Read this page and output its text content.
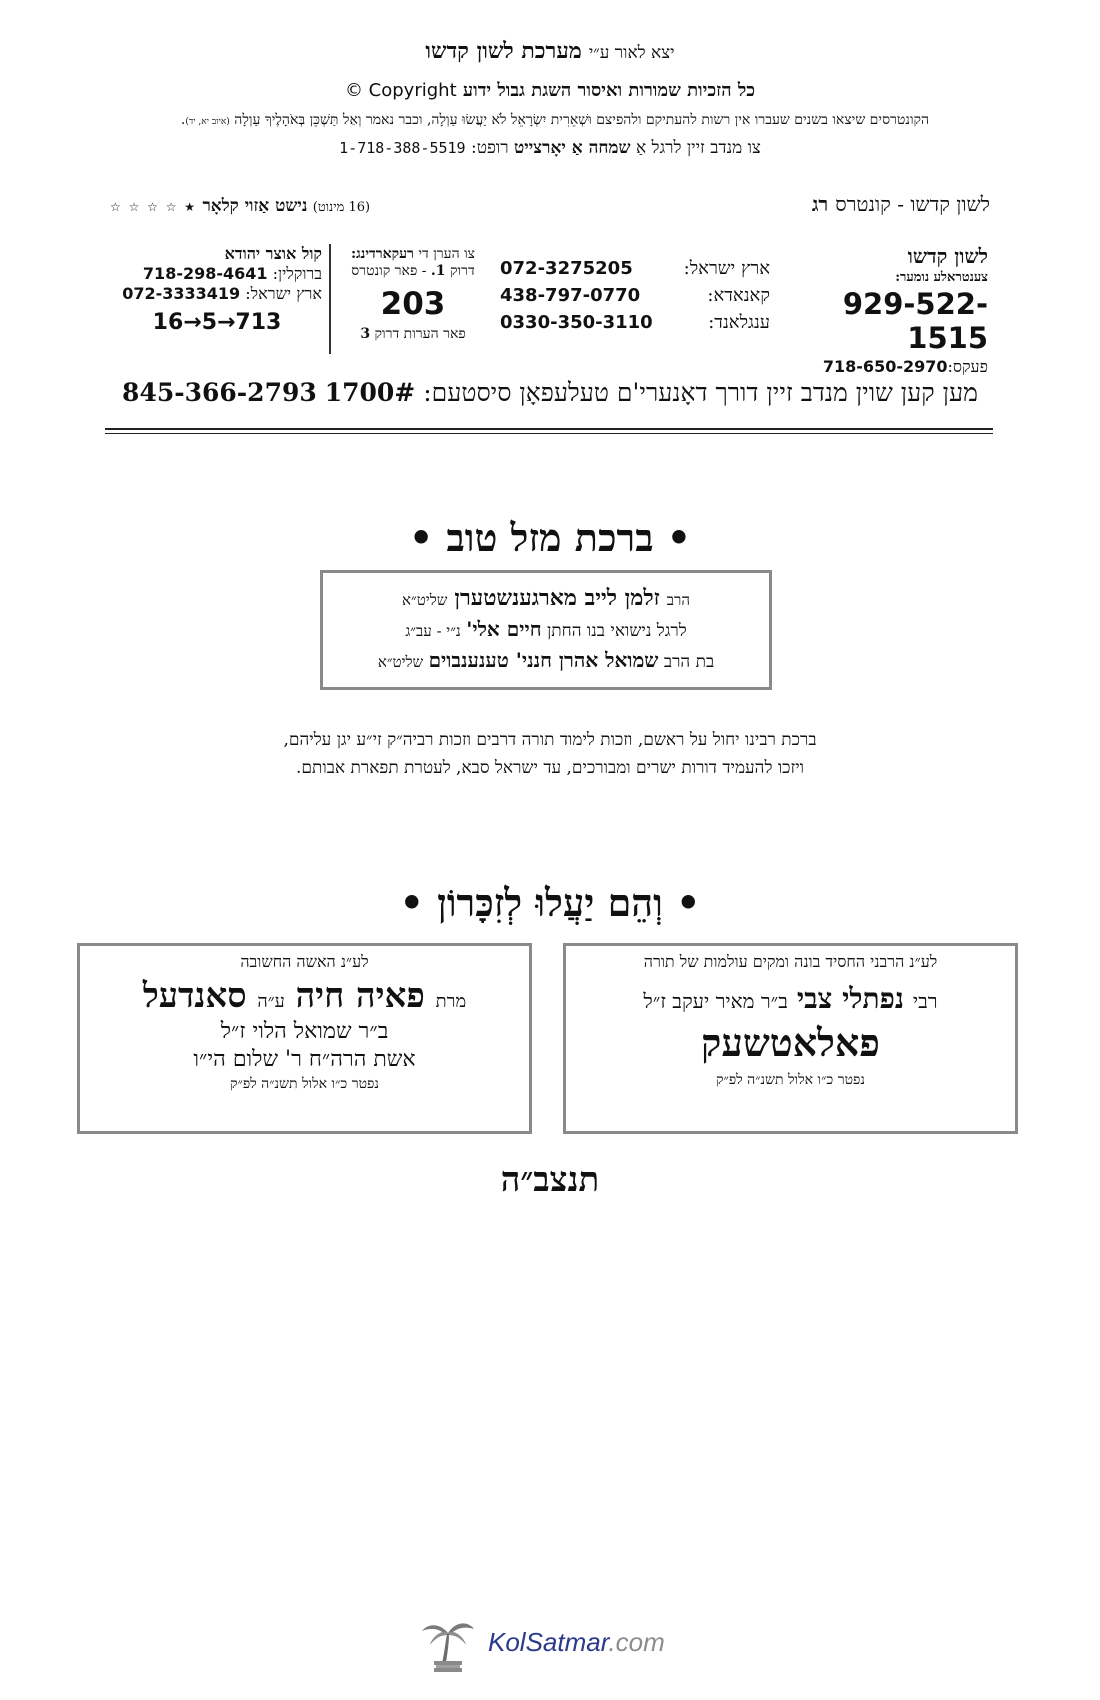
יצא לאור ע״י מערכת לשון קדשו
כל הזכיות שמורות ואיסור השגת גבול ידוע Copyright ©
הקונטרסים שיצאו בשנים שעברו אין רשות להעתיקם ולהפיצם וּשְׁאֵרִית יִשְׂרָאֵל לֹא יַעֲשׂוּ עַוְלָה, וכבר נאמר וְאַל תַּשְׁכֵּן בְּאֹהָלֶיךָ עַוְלָה (איוב יא, יד).
צו מנדב זיין לרגל אַ שמחה אַ יאָרצייט רופט: 1-718-388-5519
לשון קדשו - קונטרס רג
(16 מינוט) נישט אַזוי קלאָר ★ ☆ ☆ ☆ ☆
לשון קדשו
צענטראלע נומער:
929-522-1515
פעקס:718-650-2970
ארץ ישראל:
072-3275205
קאנאדא:
438-797-0770
ענגלאנד:
0330-350-3110
צו הערן די רעקארדינג:
דרוק 1. - פאר קונטרס
203
פאר הערות דרוק 3
קול אוצר יהודא
ברוקלין: 718-298-4641
ארץ ישראל: 072-3333419
16→5→713
מען קען שוין מנדב זיין דורך דאָנערי'ם טעלעפאָן סיסטעם: 1700# 845-366-2793
• ברכת מזל טוב •
הרב זלמן לייב מארגענשטערן שליט״א
לרגל נישואי בנו החתן חיים אלי' נ״י - עב״ג
בת הרב שמואל אהרן חנני' טענענבוים שליט״א
ברכת רבינו יחול על ראשם, וזכות לימוד תורה דרבים וזכות רביה״ק זי״ע יגן עליהם,
ויזכו להעמיד דורות ישרים ומבורכים, עד ישראל סבא, לעטרת תפארת אבותם.
• וְהֵם יַעֲלוּ לְזִכָּרוֹן •
לע״נ הרבני החסיד בונה ומקים עולמות של תורה
רבי נפתלי צבי ב״ר מאיר יעקב ז״ל
פאלאטשעק
נפטר כ״ו אלול תשנ״ה לפ״ק
לע״נ האשה החשובה
מרת פאיה חיה ע״ה סאנדעל
ב״ר שמואל הלוי ז״ל
אשת הרה״ח ר' שלום הי״ו
נפטר כ״ו אלול תשנ״ה לפ״ק
תנצב״ה
KolSatmar.com
